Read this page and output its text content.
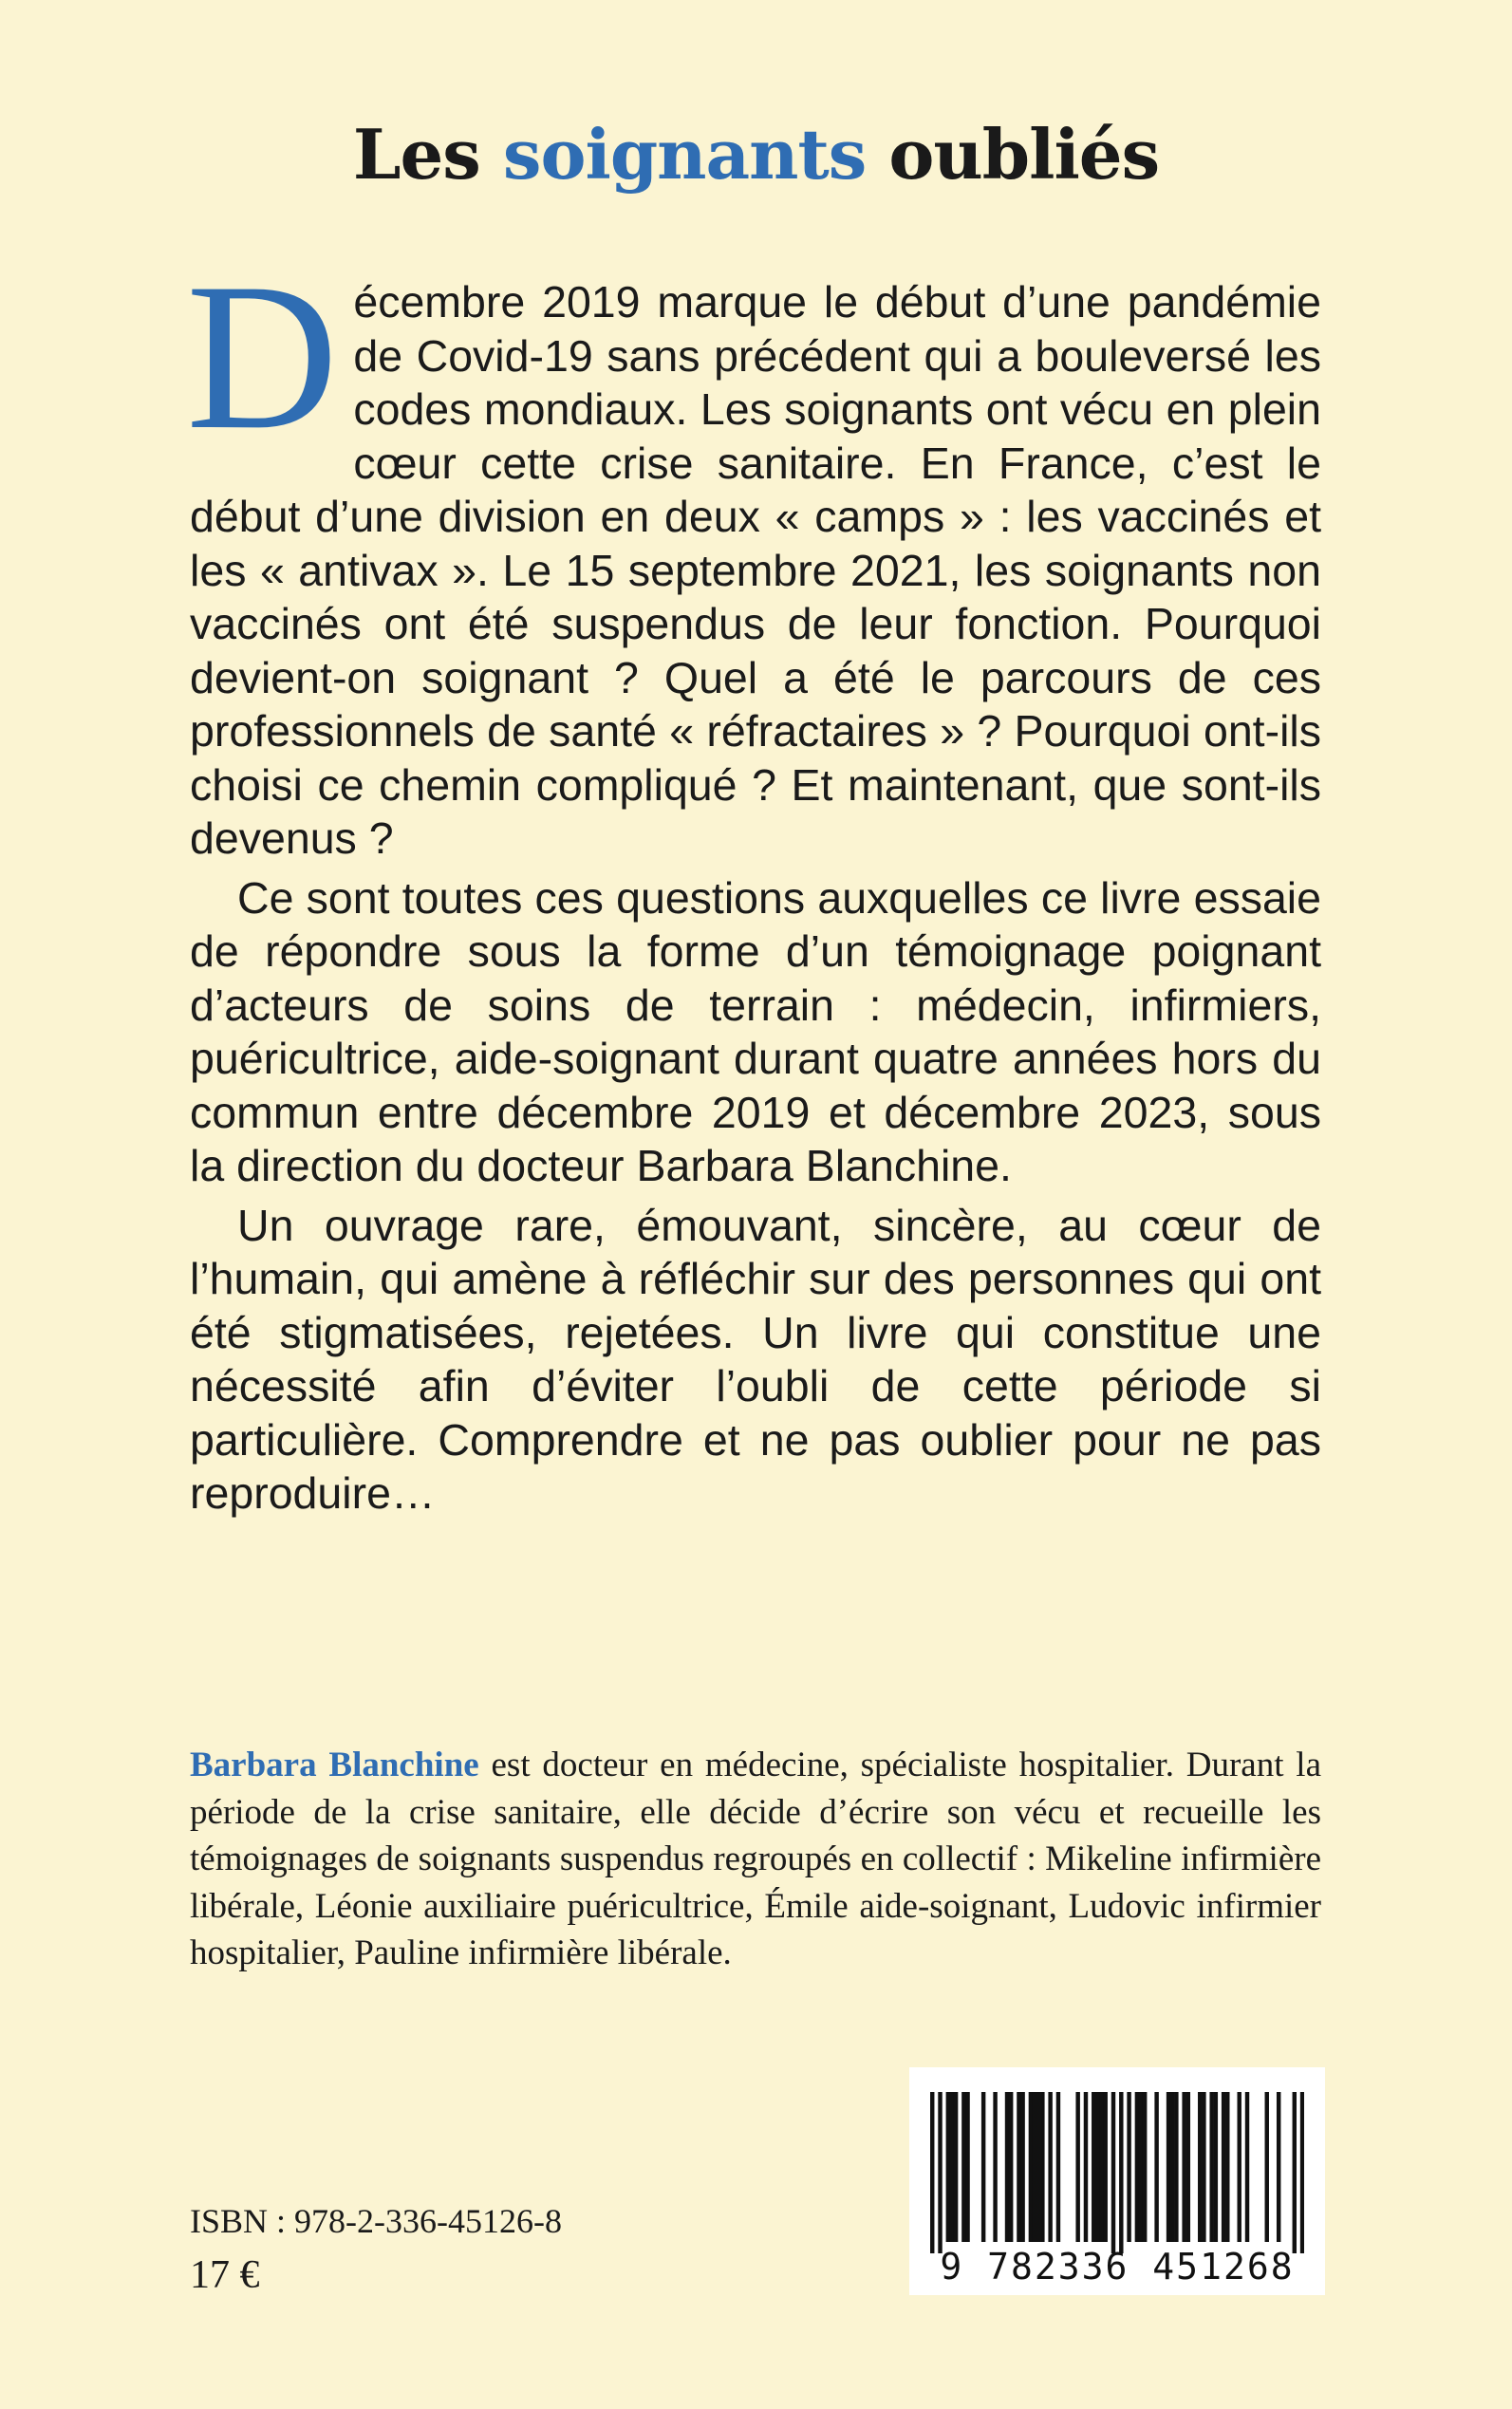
Les soignants oubliés
D écembre 2019 marque le début d’une pandémie de Covid-19 sans précédent qui a bouleversé les codes mondiaux. Les soignants ont vécu en plein cœur cette crise sanitaire. En France, c’est le début d’une division en deux « camps » : les vaccinés et les « antivax ». Le 15 septembre 2021, les soignants non vaccinés ont été suspendus de leur fonction. Pourquoi devient-on soignant ? Quel a été le parcours de ces professionnels de santé « réfractaires » ? Pourquoi ont-ils choisi ce chemin compliqué ? Et maintenant, que sont-ils devenus ?

Ce sont toutes ces questions auxquelles ce livre essaie de répondre sous la forme d’un témoignage poignant d’acteurs de soins de terrain : médecin, infirmiers, puéricultrice, aide-soignant durant quatre années hors du commun entre décembre 2019 et décembre 2023, sous la direction du docteur Barbara Blanchine.

Un ouvrage rare, émouvant, sincère, au cœur de l’humain, qui amène à réfléchir sur des personnes qui ont été stigmatisées, rejetées. Un livre qui constitue une nécessité afin d’éviter l’oubli de cette période si particulière. Comprendre et ne pas oublier pour ne pas reproduire…

Barbara Blanchine est docteur en médecine, spécialiste hospitalier. Durant la période de la crise sanitaire, elle décide d’écrire son vécu et recueille les témoignages de soignants suspendus regroupés en collectif : Mikeline infirmière libérale, Léonie auxiliaire puéricultrice, Émile aide-soignant, Ludovic infirmier hospitalier, Pauline infirmière libérale.
ISBN : 978-2-336-45126-8
17 €	9 782336 451268
